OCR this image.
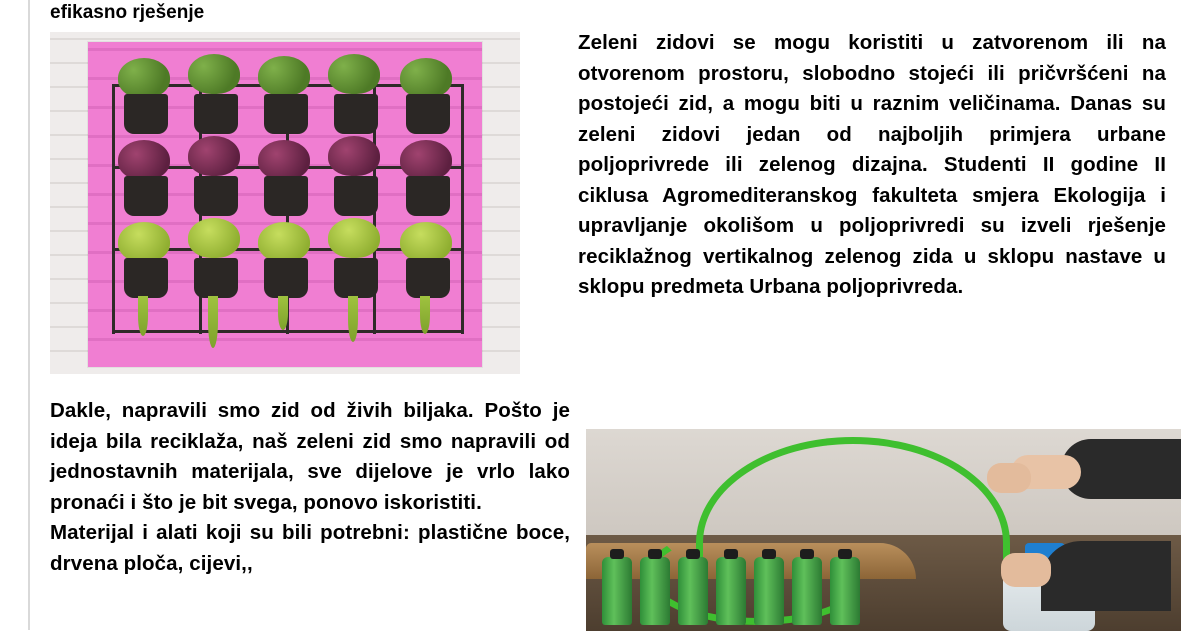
efikasno rješenje
Zeleni zidovi se mogu koristiti u zatvorenom ili na otvorenom prostoru, slobodno stojeći ili pričvršćeni na postojeći zid, a mogu biti u raznim veličinama. Danas su zeleni zidovi jedan od najboljih primjera urbane poljoprivrede ili zelenog dizajna. Studenti II godine II ciklusa Agromediteranskog fakulteta smjera Ekologija i upravljanje okolišom u poljoprivredi su izveli rješenje reciklažnog vertikalnog zelenog zida u sklopu nastave u sklopu predmeta Urbana poljoprivreda.

Dakle, napravili smo zid od živih biljaka. Pošto je ideja bila reciklaža, naš zeleni zid smo napravili od jednostavnih materijala, sve dijelove je vrlo lako pronaći i što je bit svega, ponovo iskoristiti.

Materijal i alati koji su bili potrebni: plastične boce, drvena ploča, cijevi,,
